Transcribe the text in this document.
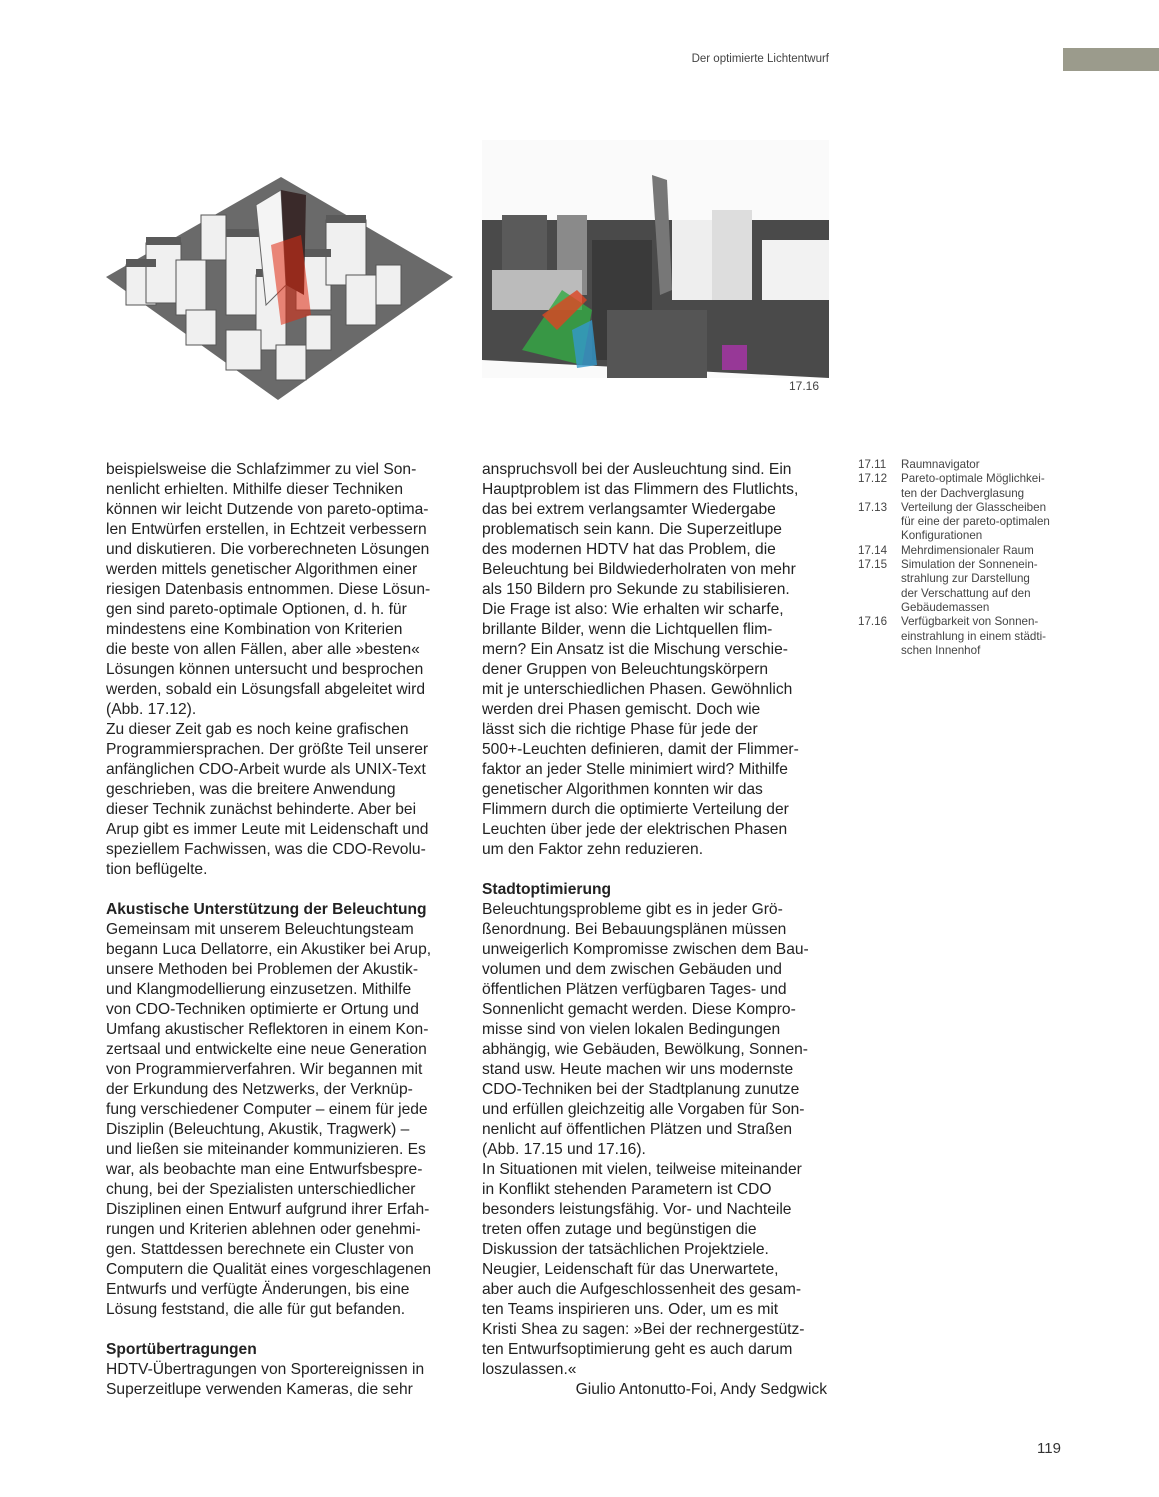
Der optimierte Lichtentwurf
17.16
beispielsweise die Schlafzimmer zu viel Son-
nenlicht erhielten. Mithilfe dieser Techniken
können wir leicht Dutzende von pareto-optima-
len Entwürfen erstellen, in Echtzeit verbessern
und diskutieren. Die vorberechneten Lösungen
werden mittels genetischer Algorithmen einer
riesigen Datenbasis entnommen. Diese Lösun-
gen sind pareto-optimale Optionen, d. h. für
mindestens eine Kombination von Kriterien
die beste von allen Fällen, aber alle »besten«
Lösungen können untersucht und besprochen
werden, sobald ein Lösungsfall abgeleitet wird
(Abb. 17.12).
Zu dieser Zeit gab es noch keine grafischen
Programmiersprachen. Der größte Teil unserer
anfänglichen CDO-Arbeit wurde als UNIX-Text
geschrieben, was die breitere Anwendung
dieser Technik zunächst behinderte. Aber bei
Arup gibt es immer Leute mit Leidenschaft und
speziellem Fachwissen, was die CDO-Revolu-
tion beflügelte.
Akustische Unterstützung der Beleuchtung
Gemeinsam mit unserem Beleuchtungsteam
begann Luca Dellatorre, ein Akustiker bei Arup,
unsere Methoden bei Problemen der Akustik-
und Klangmodellierung einzusetzen. Mithilfe
von CDO-Techniken optimierte er Ortung und
Umfang akustischer Reflektoren in einem Kon-
zertsaal und entwickelte eine neue Generation
von Programmierverfahren. Wir begannen mit
der Erkundung des Netzwerks, der Verknüp-
fung verschiedener Computer – einem für jede
Disziplin (Beleuchtung, Akustik, Tragwerk) –
und ließen sie miteinander kommunizieren. Es
war, als beobachte man eine Entwurfsbespre-
chung, bei der Spezialisten unterschiedlicher
Disziplinen einen Entwurf aufgrund ihrer Erfah-
rungen und Kriterien ablehnen oder genehmi-
gen. Stattdessen berechnete ein Cluster von
Computern die Qualität eines vorgeschlagenen
Entwurfs und verfügte Änderungen, bis eine
Lösung feststand, die alle für gut befanden.
Sportübertragungen
HDTV-Übertragungen von Sportereignissen in
Superzeitlupe verwenden Kameras, die sehr
anspruchsvoll bei der Ausleuchtung sind. Ein
Hauptproblem ist das Flimmern des Flutlichts,
das bei extrem verlangsamter Wiedergabe
problematisch sein kann. Die Superzeitlupe
des modernen HDTV hat das Problem, die
Beleuchtung bei Bildwiederholraten von mehr
als 150 Bildern pro Sekunde zu stabilisieren.
Die Frage ist also: Wie erhalten wir scharfe,
brillante Bilder, wenn die Lichtquellen flim-
mern? Ein Ansatz ist die Mischung verschie-
dener Gruppen von Beleuchtungskörpern
mit je unterschiedlichen Phasen. Gewöhnlich
werden drei Phasen gemischt. Doch wie
lässt sich die richtige Phase für jede der
500+-Leuchten definieren, damit der Flimmer-
faktor an jeder Stelle minimiert wird? Mithilfe
genetischer Algorithmen konnten wir das
Flimmern durch die optimierte Verteilung der
Leuchten über jede der elektrischen Phasen
um den Faktor zehn reduzieren.
Stadtoptimierung
Beleuchtungsprobleme gibt es in jeder Grö-
ßenordnung. Bei Bebauungsplänen müssen
unweigerlich Kompromisse zwischen dem Bau-
volumen und dem zwischen Gebäuden und
öffentlichen Plätzen verfügbaren Tages- und
Sonnenlicht gemacht werden. Diese Kompro-
misse sind von vielen lokalen Bedingungen
abhängig, wie Gebäuden, Bewölkung, Sonnen-
stand usw. Heute machen wir uns modernste
CDO-Techniken bei der Stadtplanung zunutze
und erfüllen gleichzeitig alle Vorgaben für Son-
nenlicht auf öffentlichen Plätzen und Straßen
(Abb. 17.15 und 17.16).
In Situationen mit vielen, teilweise miteinander
in Konflikt stehenden Parametern ist CDO
besonders leistungsfähig. Vor- und Nachteile
treten offen zutage und begünstigen die
Diskussion der tatsächlichen Projektziele.
Neugier, Leidenschaft für das Unerwartete,
aber auch die Aufgeschlossenheit des gesam-
ten Teams inspirieren uns. Oder, um es mit
Kristi Shea zu sagen: »Bei der rechnergestütz-
ten Entwurfsoptimierung geht es auch darum
loszulassen.«
Giulio Antonutto-Foi, Andy Sedgwick
17.11	Raumnavigator
17.12	Pareto-optimale Möglichkei-
ten der Dachverglasung
17.13	Verteilung der Glasscheiben
für eine der pareto-optimalen
Konfigurationen
17.14	Mehrdimensionaler Raum
17.15	Simulation der Sonnenein-
strahlung zur Darstellung
der Verschattung auf den
Gebäudemassen
17.16	Verfügbarkeit von Sonnen-
einstrahlung in einem städti-
schen Innenhof
119
